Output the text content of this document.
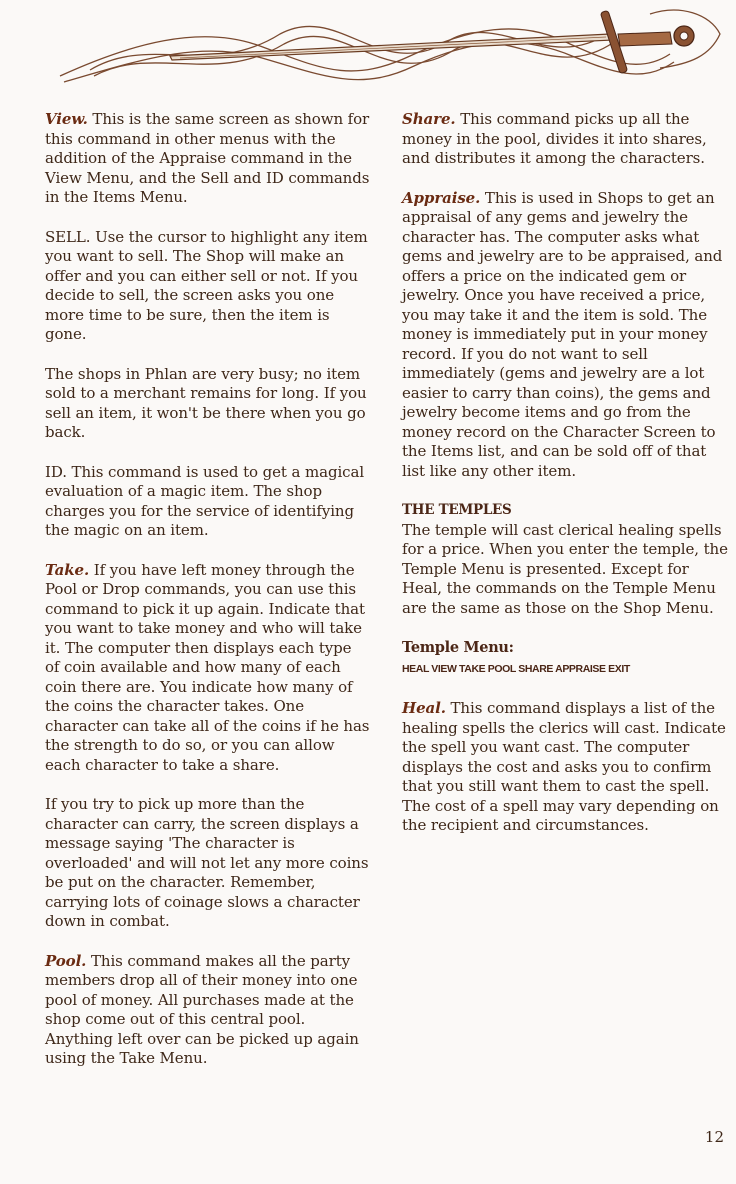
View. This is the same screen as shown for this command in other menus with the addition of the Appraise command in the View Menu, and the Sell and ID commands in the Items Menu.

SELL. Use the cursor to highlight any item you want to sell. The Shop will make an offer and you can either sell or not. If you decide to sell, the screen asks you one more time to be sure, then the item is gone.

The shops in Phlan are very busy; no item sold to a merchant remains for long. If you sell an item, it won't be there when you go back.

ID. This command is used to get a magical evaluation of a magic item. The shop charges you for the service of identifying the magic on an item.

Take. If you have left money through the Pool or Drop commands, you can use this command to pick it up again. Indicate that you want to take money and who will take it. The computer then displays each type of coin available and how many of each coin there are. You indicate how many of the coins the character takes. One character can take all of the coins if he has the strength to do so, or you can allow each character to take a share.

If you try to pick up more than the character can carry, the screen displays a message saying 'The character is overloaded' and will not let any more coins be put on the character. Remember, carrying lots of coinage slows a character down in combat.

Pool. This command makes all the party members drop all of their money into one pool of money. All purchases made at the shop come out of this central pool. Anything left over can be picked up again using the Take Menu.

Share. This command picks up all the money in the pool, divides it into shares, and distributes it among the characters.

Appraise. This is used in Shops to get an appraisal of any gems and jewelry the character has. The computer asks what gems and jewelry are to be appraised, and offers a price on the indicated gem or jewelry. Once you have received a price, you may take it and the item is sold. The money is immediately put in your money record. If you do not want to sell immediately (gems and jewelry are a lot easier to carry than coins), the gems and jewelry become items and go from the money record on the Character Screen to the Items list, and can be sold off of that list like any other item.

THE TEMPLES
The temple will cast clerical healing spells for a price. When you enter the temple, the Temple Menu is presented. Except for Heal, the commands on the Temple Menu are the same as those on the Shop Menu.

Temple Menu:
HEAL VIEW TAKE POOL SHARE APPRAISE EXIT

Heal. This command displays a list of the healing spells the clerics will cast. Indicate the spell you want cast. The computer displays the cost and asks you to confirm that you still want them to cast the spell. The cost of a spell may vary depending on the recipient and circumstances.

12
